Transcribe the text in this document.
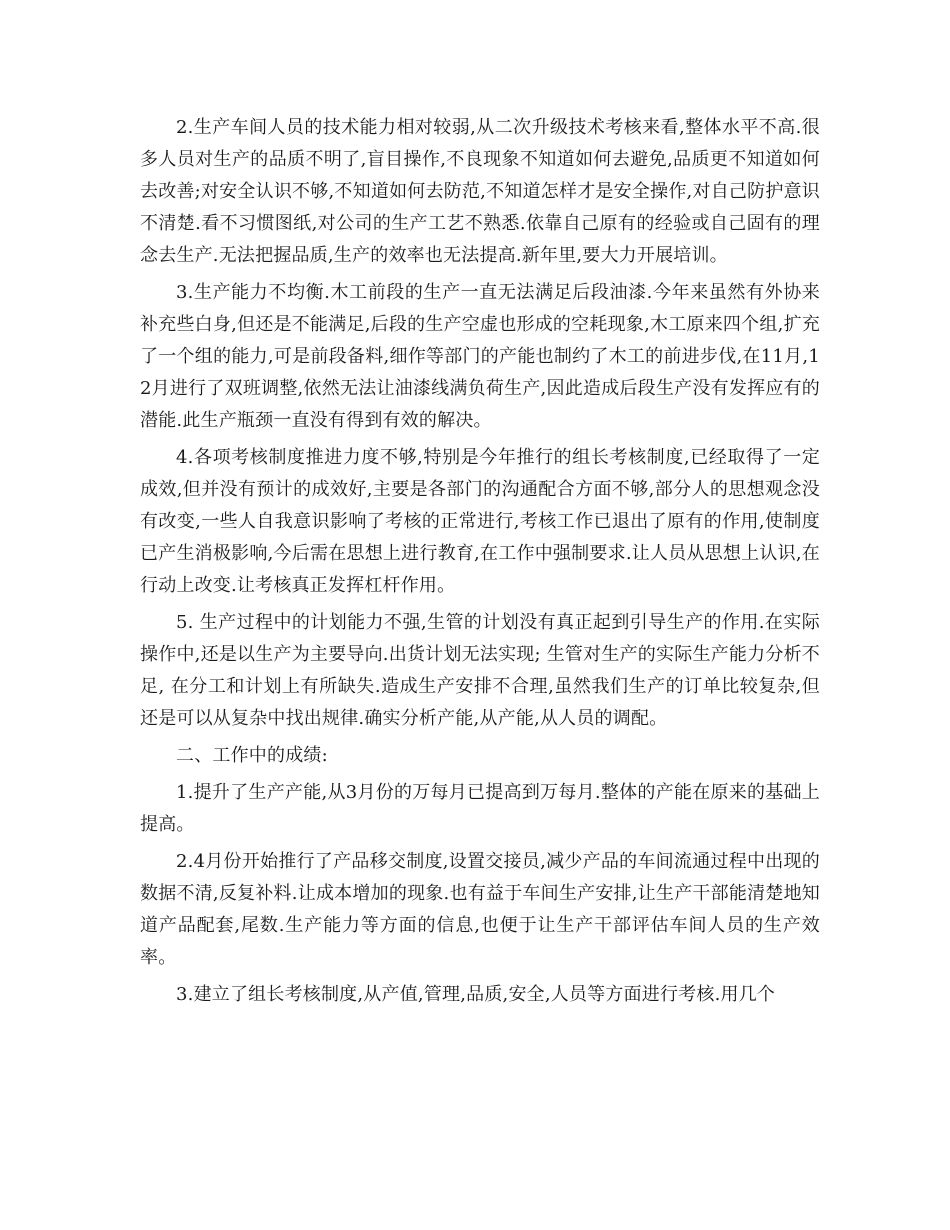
2.生产车间人员的技术能力相对较弱,从二次升级技术考核来看,整体水平不高.很多人员对生产的品质不明了,盲目操作,不良现象不知道如何去避免,品质更不知道如何去改善;对安全认识不够,不知道如何去防范,不知道怎样才是安全操作,对自己防护意识不清楚.看不习惯图纸,对公司的生产工艺不熟悉.依靠自己原有的经验或自己固有的理念去生产.无法把握品质,生产的效率也无法提高.新年里,要大力开展培训。

3.生产能力不均衡.木工前段的生产一直无法满足后段油漆.今年来虽然有外协来补充些白身,但还是不能满足,后段的生产空虚也形成的空耗现象,木工原来四个组,扩充了一个组的能力,可是前段备料,细作等部门的产能也制约了木工的前进步伐,在11月,12月进行了双班调整,依然无法让油漆线满负荷生产,因此造成后段生产没有发挥应有的潜能.此生产瓶颈一直没有得到有效的解决。

4.各项考核制度推进力度不够,特别是今年推行的组长考核制度,已经取得了一定成效,但并没有预计的成效好,主要是各部门的沟通配合方面不够,部分人的思想观念没有改变,一些人自我意识影响了考核的正常进行,考核工作已退出了原有的作用,使制度已产生消极影响,今后需在思想上进行教育,在工作中强制要求.让人员从思想上认识,在行动上改变.让考核真正发挥杠杆作用。

5. 生产过程中的计划能力不强,生管的计划没有真正起到引导生产的作用.在实际操作中,还是以生产为主要导向.出货计划无法实现; 生管对生产的实际生产能力分析不足, 在分工和计划上有所缺失.造成生产安排不合理,虽然我们生产的订单比较复杂,但还是可以从复杂中找出规律.确实分析产能,从产能,从人员的调配。

二、工作中的成绩:

1.提升了生产产能,从3月份的万每月已提高到万每月.整体的产能在原来的基础上提高。

2.4月份开始推行了产品移交制度,设置交接员,减少产品的车间流通过程中出现的数据不清,反复补料.让成本增加的现象.也有益于车间生产安排,让生产干部能清楚地知道产品配套,尾数.生产能力等方面的信息,也便于让生产干部评估车间人员的生产效率。

3.建立了组长考核制度,从产值,管理,品质,安全,人员等方面进行考核.用几个
